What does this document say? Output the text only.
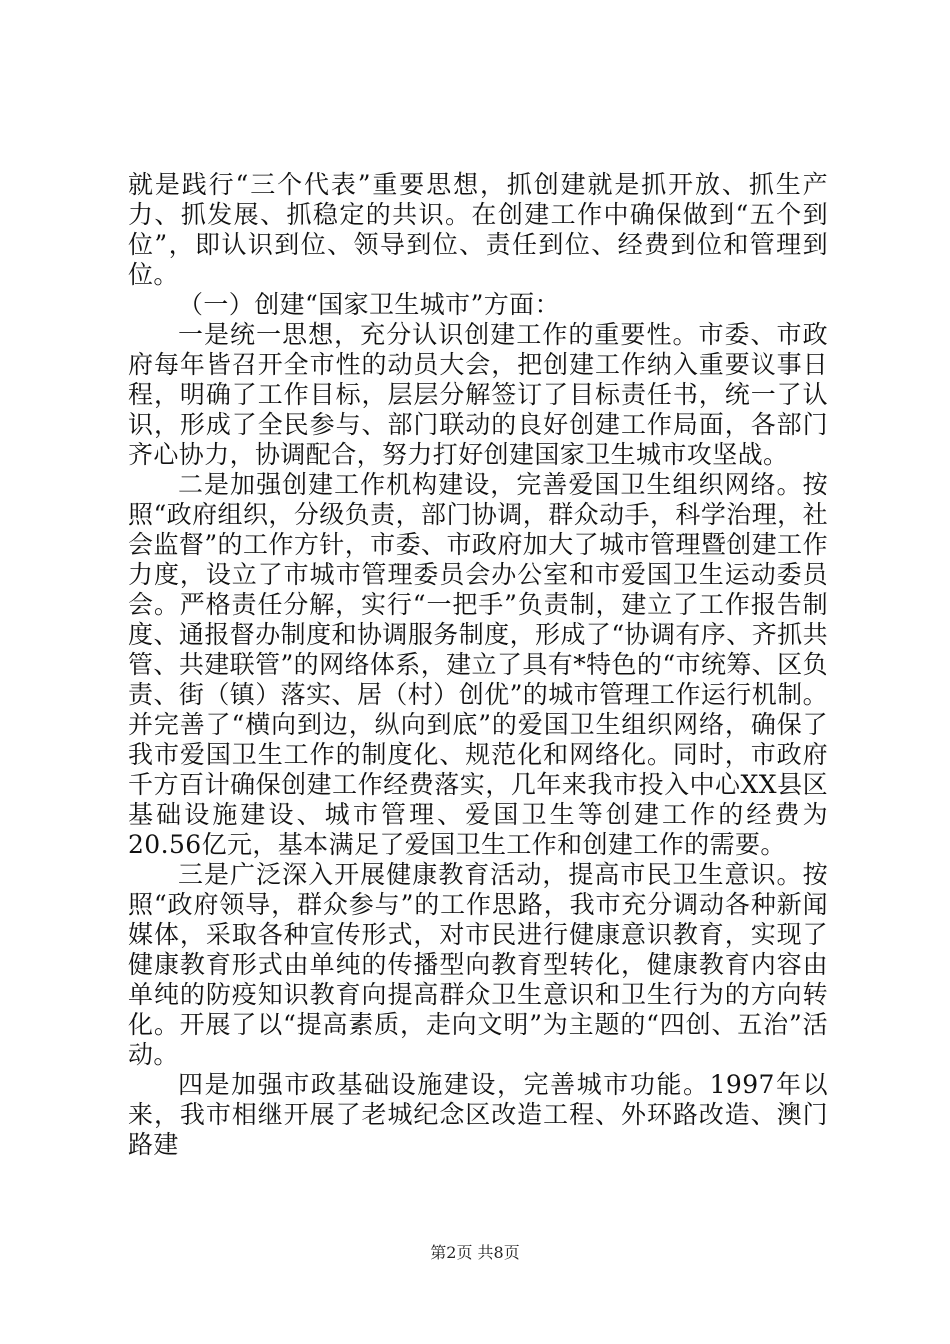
就是践行“三个代表”重要思想，抓创建就是抓开放、抓生产力、抓发展、抓稳定的共识。在创建工作中确保做到“五个到位”，即认识到位、领导到位、责任到位、经费到位和管理到位。

（一）创建“国家卫生城市”方面：

一是统一思想，充分认识创建工作的重要性。市委、市政府每年皆召开全市性的动员大会，把创建工作纳入重要议事日程，明确了工作目标，层层分解签订了目标责任书，统一了认识，形成了全民参与、部门联动的良好创建工作局面，各部门齐心协力，协调配合，努力打好创建国家卫生城市攻坚战。

二是加强创建工作机构建设，完善爱国卫生组织网络。按照“政府组织，分级负责，部门协调，群众动手，科学治理，社会监督”的工作方针，市委、市政府加大了城市管理暨创建工作力度，设立了市城市管理委员会办公室和市爱国卫生运动委员会。严格责任分解，实行“一把手”负责制，建立了工作报告制度、通报督办制度和协调服务制度，形成了“协调有序、齐抓共管、共建联管”的网络体系，建立了具有*特色的“市统筹、区负责、街（镇）落实、居（村）创优”的城市管理工作运行机制。并完善了“横向到边，纵向到底”的爱国卫生组织网络，确保了我市爱国卫生工作的制度化、规范化和网络化。同时，市政府千方百计确保创建工作经费落实，几年来我市投入中心XX县区基础设施建设、城市管理、爱国卫生等创建工作的经费为20.56亿元，基本满足了爱国卫生工作和创建工作的需要。

三是广泛深入开展健康教育活动，提高市民卫生意识。按照“政府领导，群众参与”的工作思路，我市充分调动各种新闻媒体，采取各种宣传形式，对市民进行健康意识教育，实现了健康教育形式由单纯的传播型向教育型转化，健康教育内容由单纯的防疫知识教育向提高群众卫生意识和卫生行为的方向转化。开展了以“提高素质，走向文明”为主题的“四创、五治”活动。

四是加强市政基础设施建设，完善城市功能。1997年以来，我市相继开展了老城纪念区改造工程、外环路改造、澳门路建

第2页 共8页
